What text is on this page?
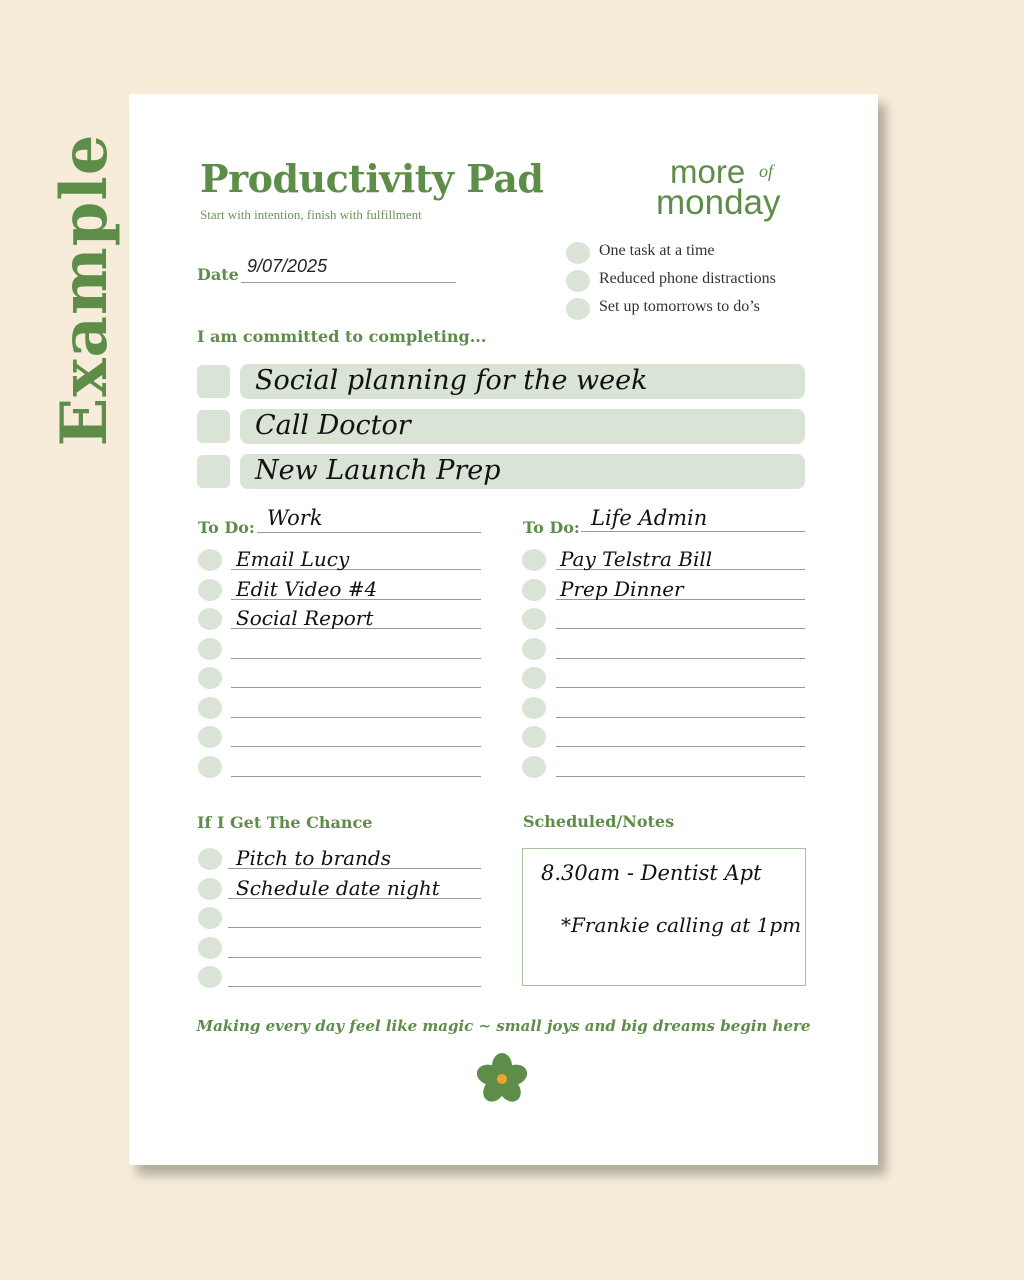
Example Productivity Pad
Start with intention, finish with fulfillment
more of
monday
Date 9/07/2025
One task at a time
Reduced phone distractions
Set up tomorrows to do’s
I am committed to completing...
Social planning for the week
Call Doctor
New Launch Prep
To Do: Work
Email Lucy
Edit Video #4
Social Report
To Do: Life Admin
Pay Telstra Bill
Prep Dinner
If I Get The Chance
Pitch to brands
Schedule date night
Scheduled/Notes
8.30am - Dentist Apt
*Frankie calling at 1pm
Making every day feel like magic ~ small joys and big dreams begin here
